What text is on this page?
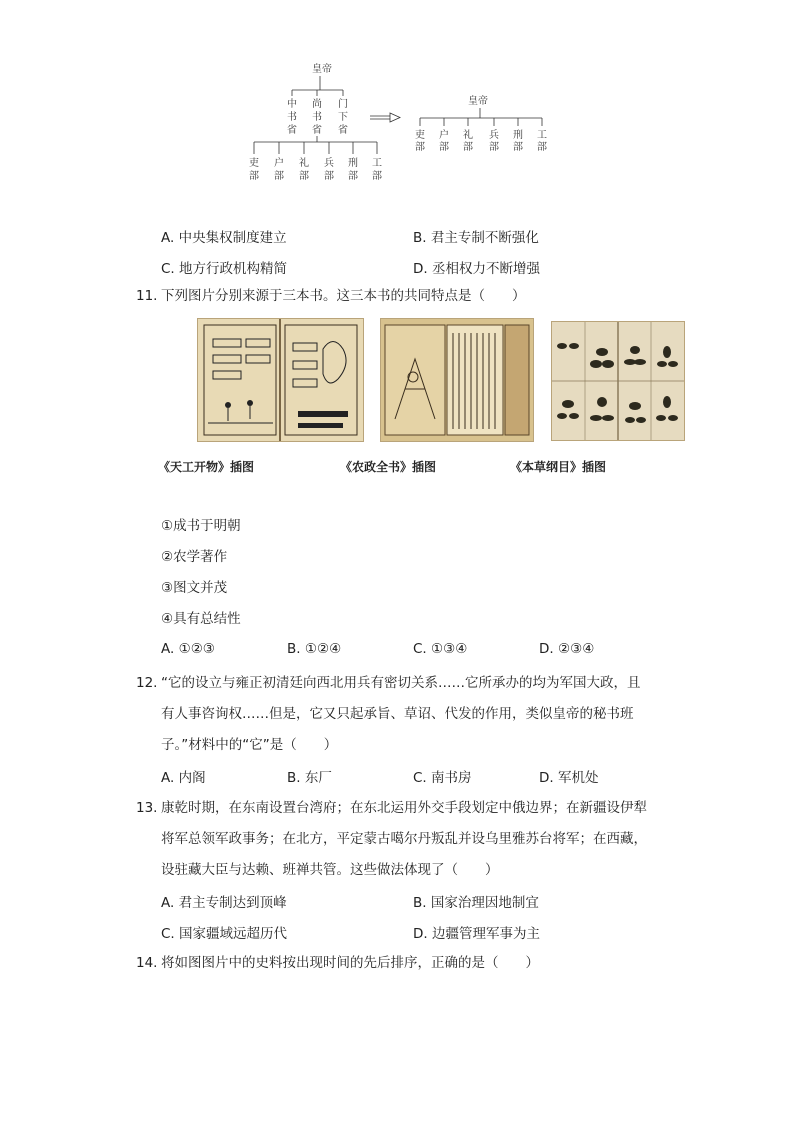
皇帝
中书省
尚书省
门下省
吏部
户部
礼部
兵部
刑部
工部
皇帝
吏部
户部
礼部
兵部
刑部
工部
A. 中央集权制度建立	B. 君主专制不断强化
C. 地方行政机构精简	D. 丞相权力不断增强
11. 下列图片分别来源于三本书。这三本书的共同特点是（　　）
《天工开物》插图	《农政全书》插图	《本草纲目》插图
①成书于明朝
②农学著作
③图文并茂
④具有总结性
A. ①②③	B. ①②④	C. ①③④	D. ②③④
12. “它的设立与雍正初清廷向西北用兵有密切关系……它所承办的均为军国大政，且
有人事咨询权……但是，它又只起承旨、草诏、代发的作用，类似皇帝的秘书班
子。”材料中的“它”是（　　）
A. 内阁	B. 东厂	C. 南书房	D. 军机处
13. 康乾时期，在东南设置台湾府；在东北运用外交手段划定中俄边界；在新疆设伊犁
将军总领军政事务；在北方，平定蒙古噶尔丹叛乱并设乌里雅苏台将军；在西藏，
设驻藏大臣与达赖、班禅共管。这些做法体现了（　　）
A. 君主专制达到顶峰	B. 国家治理因地制宜
C. 国家疆域远超历代	D. 边疆管理军事为主
14. 将如图图片中的史料按出现时间的先后排序，正确的是（　　）
